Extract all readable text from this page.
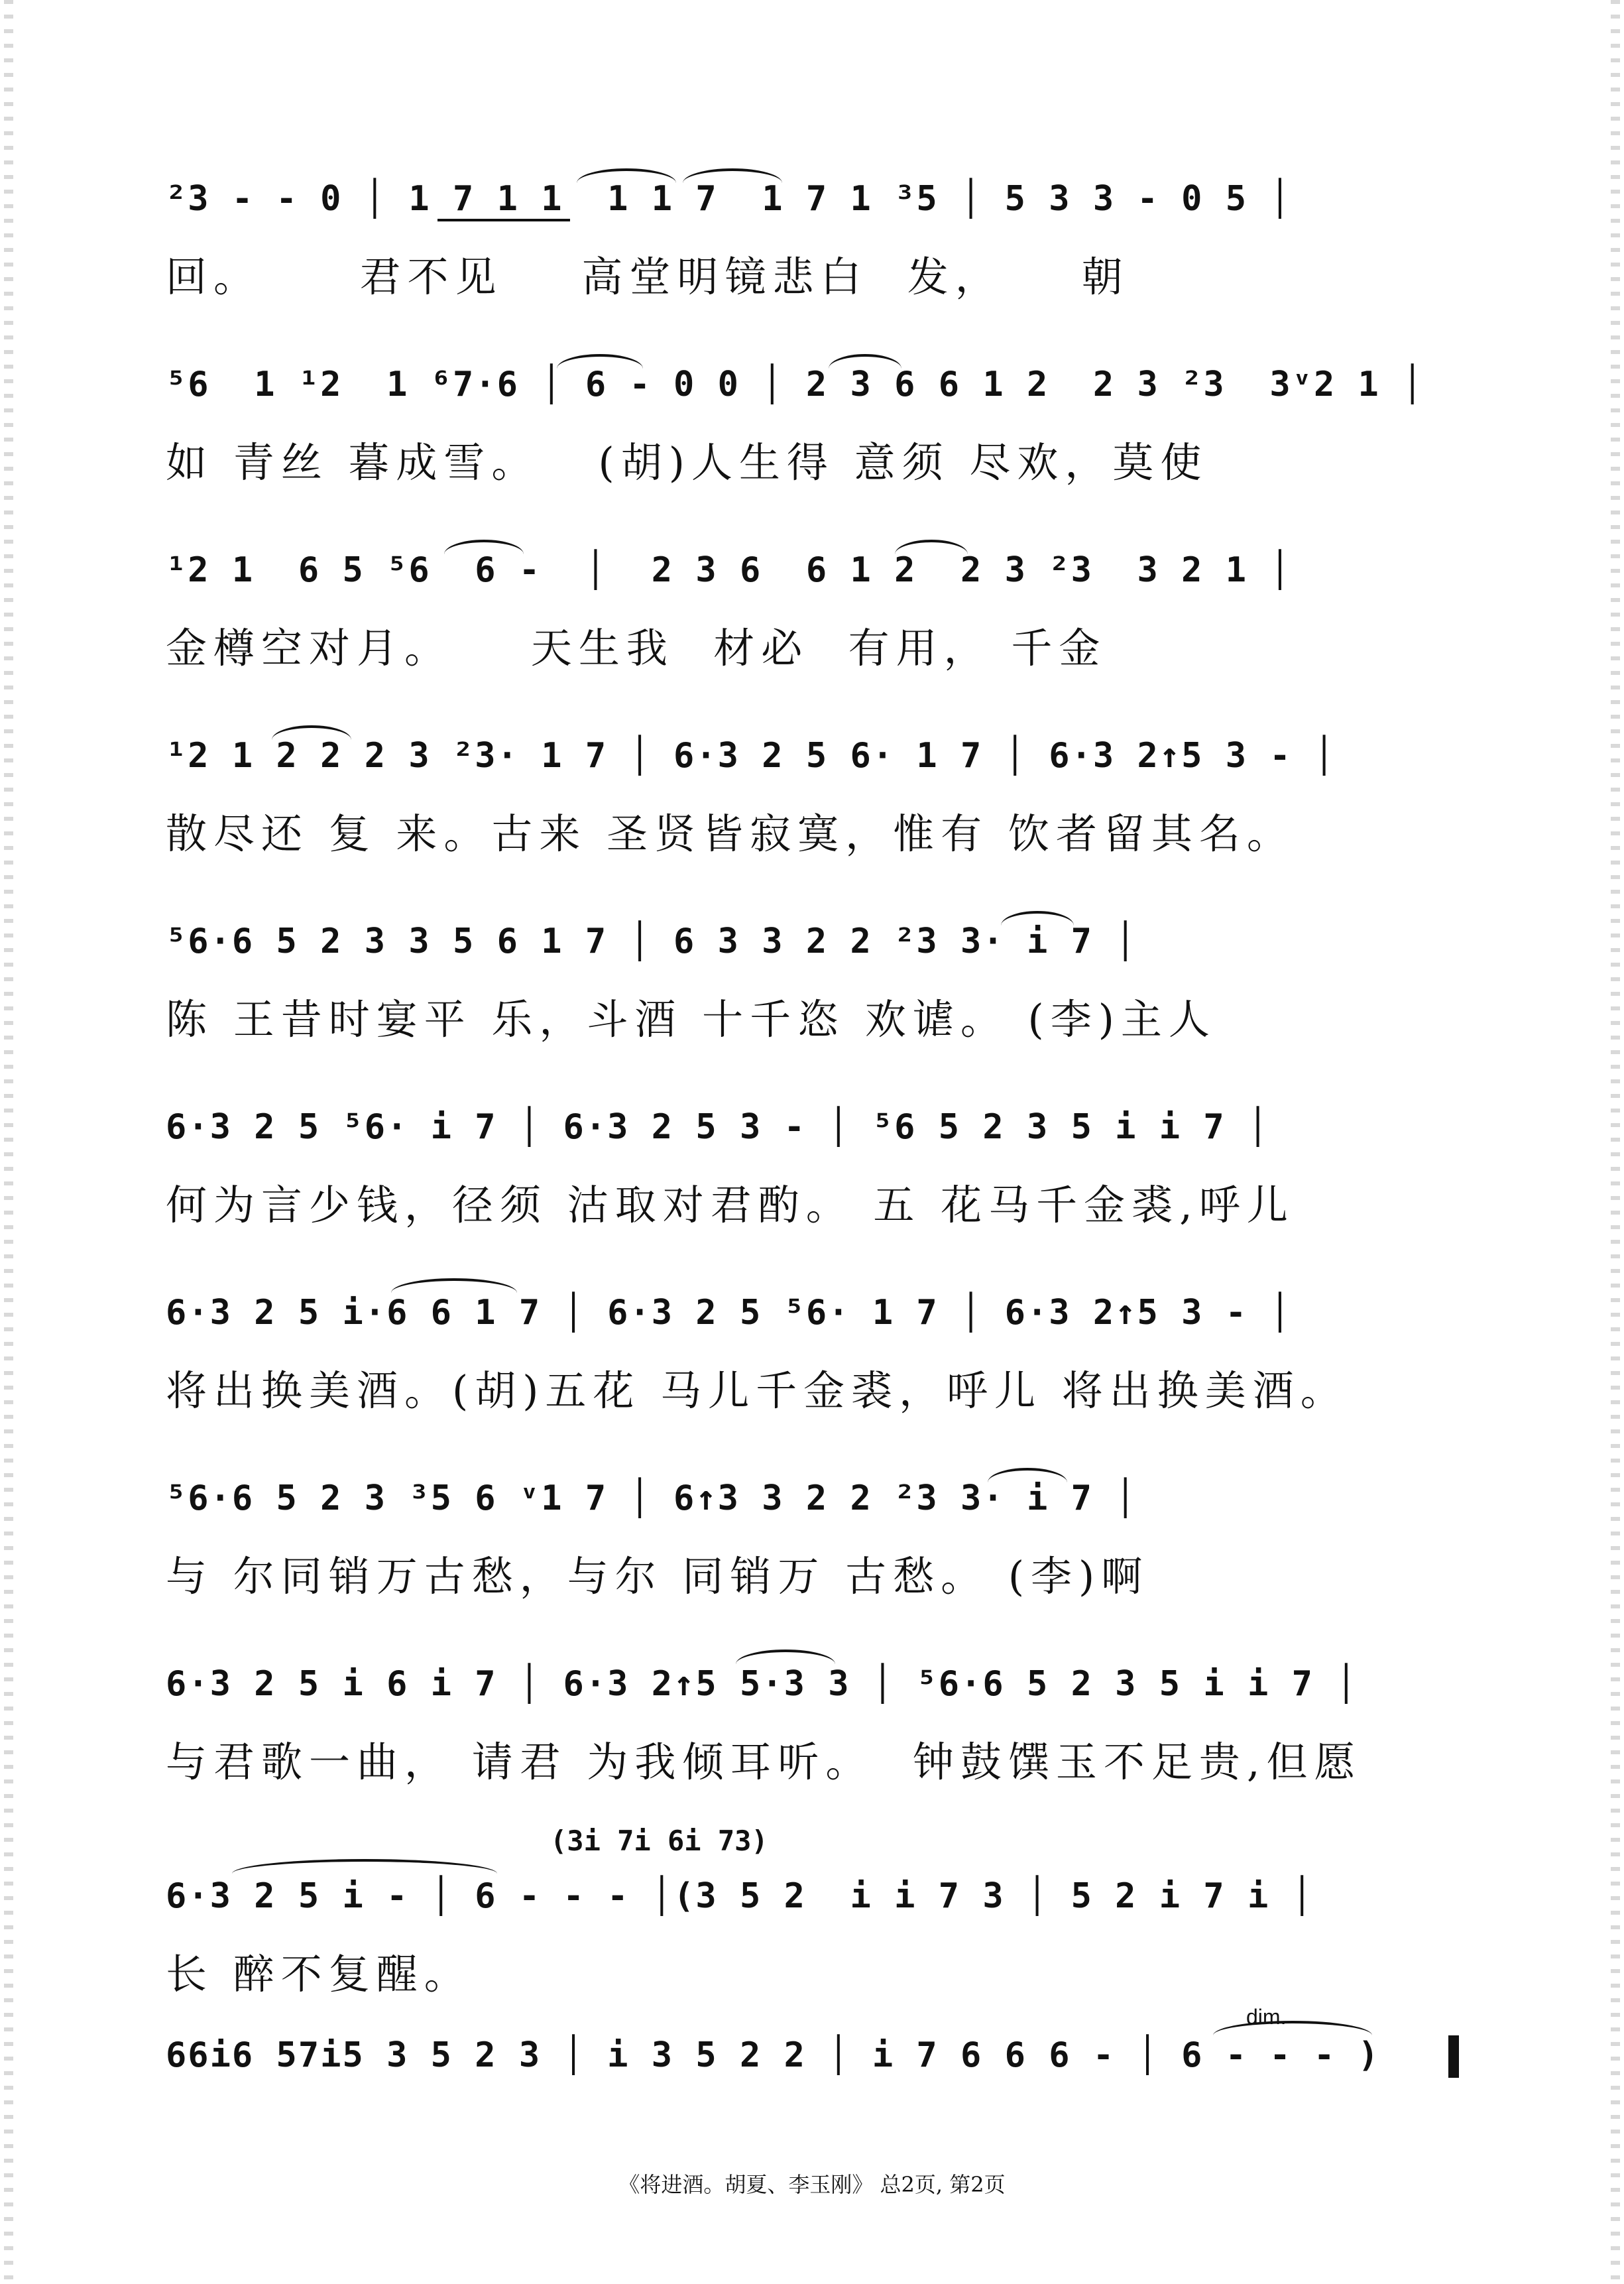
²3 - - 0 │ 1 7 1 1  1 1 7  1 7 1 ³5 │ 5 3 3 - 0 5 │
回。     君不见    高堂明镜悲白  发，    朝
⁵6  1 ¹2  1 ⁶7·6 │ 6 - 0 0 │ 2 3 6 6 1 2  2 3 ²3  3ᵛ2 1 │
如 青丝 暮成雪。   (胡)人生得 意须 尽欢，莫使
¹2 1  6 5 ⁵6  6 -  │  2 3 6  6 1 2  2 3 ²3  3 2 1 │
金樽空对月。    天生我  材必  有用， 千金
¹2 1 2 2 2 3 ²3· 1 7 │ 6·3 2 5 6· 1 7 │ 6·3 2↑5 3 - │
散尽还 复 来。古来 圣贤皆寂寞，惟有 饮者留其名。
⁵6·6 5 2 3 3 5 6 1 7 │ 6 3 3 2 2 ²3 3· i 7 │
陈 王昔时宴平 乐，斗酒 十千恣 欢谑。 (李)主人
6·3 2 5 ⁵6· i 7 │ 6·3 2 5 3 - │ ⁵6 5 2 3 5 i i 7 │
何为言少钱，径须 沽取对君酌。 五 花马千金裘,呼儿
6·3 2 5 i·6 6 1 7 │ 6·3 2 5 ⁵6· 1 7 │ 6·3 2↑5 3 - │
将出换美酒。(胡)五花 马儿千金裘，呼儿 将出换美酒。
⁵6·6 5 2 3 ³5 6 ᵛ1 7 │ 6↑3 3 2 2 ²3 3· i 7 │
与 尔同销万古愁，与尔 同销万 古愁。 (李)啊
6·3 2 5 i 6 i 7 │ 6·3 2↑5 5·3 3 │ ⁵6·6 5 2 3 5 i i 7 │
与君歌一曲， 请君 为我倾耳听。  钟鼓馔玉不足贵,但愿
(3i 7i 6i 73)
6·3 2 5 i - │ 6 - - - │(3 5 2  i i 7 3 │ 5 2 i 7 i │
长 醉不复醒。
dim.
66i6 57i5 3 5 2 3 │ i 3 5 2 2 │ i 7 6 6 6 - │ 6 - - - )
《将进酒。胡夏、李玉刚》 总2页, 第2页
